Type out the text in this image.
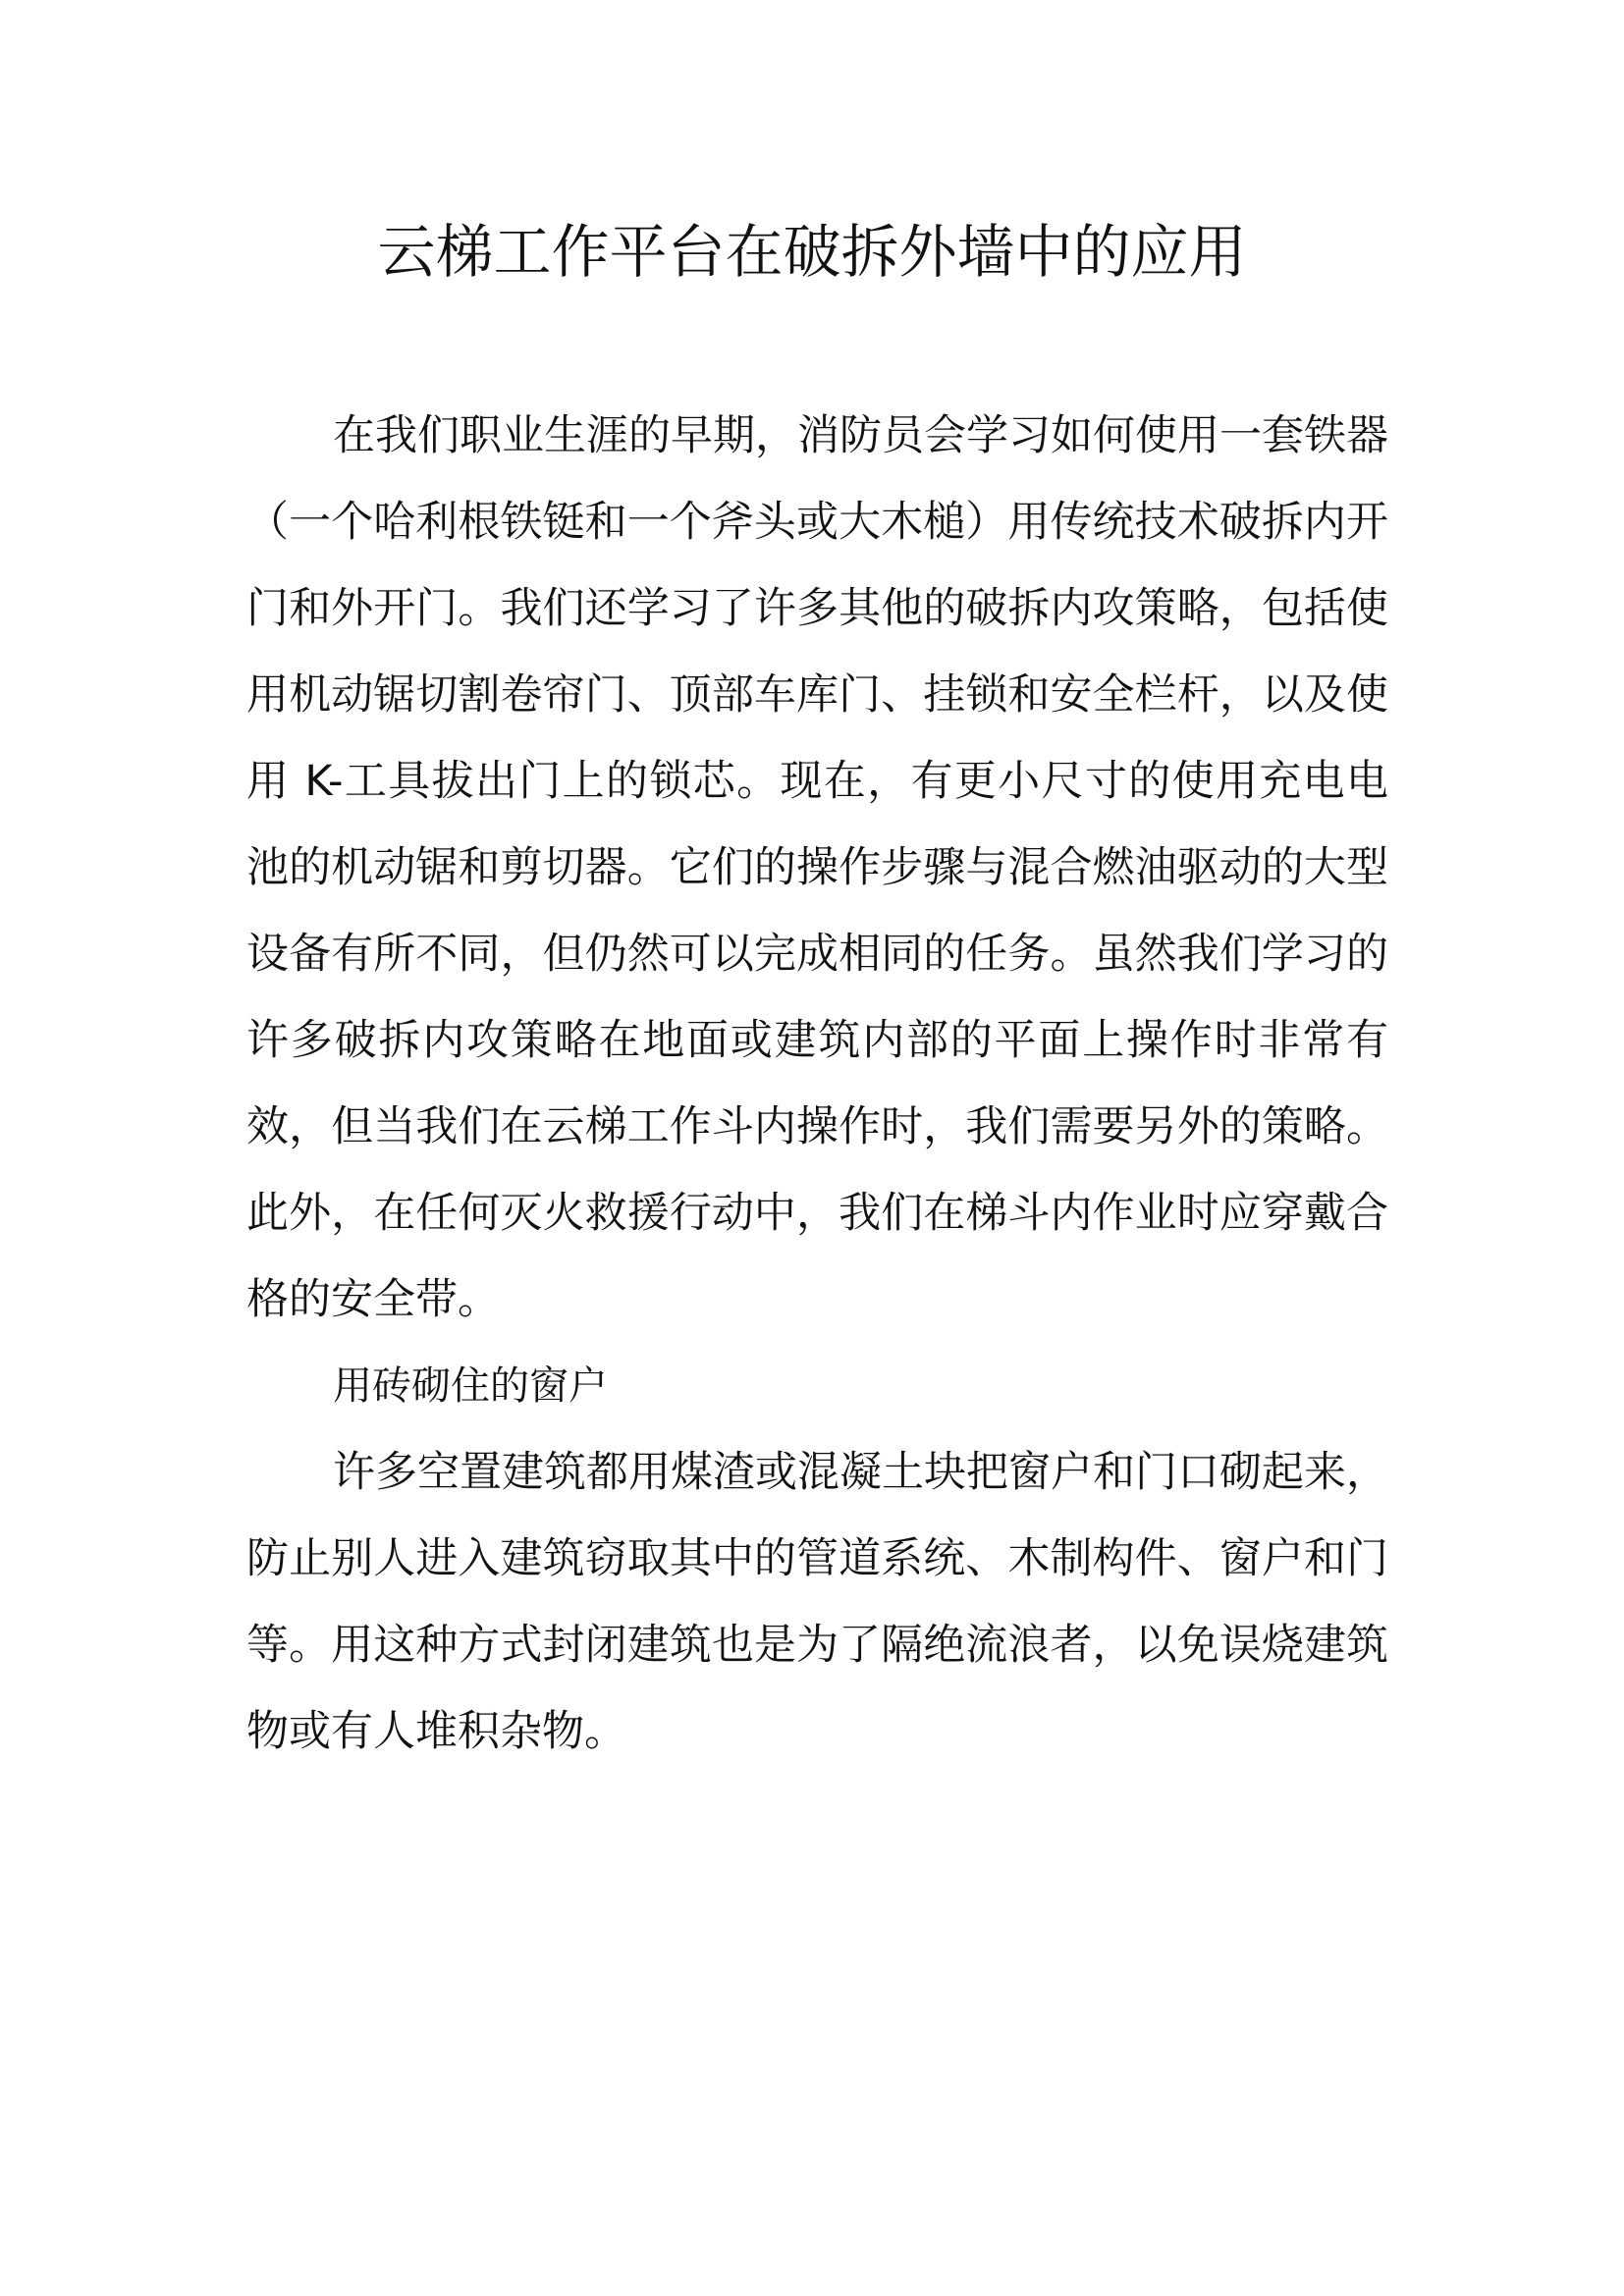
云梯工作平台在破拆外墙中的应用

在我们职业生涯的早期，消防员会学习如何使用一套铁器（一个哈利根铁铤和一个斧头或大木槌）用传统技术破拆内开门和外开门。我们还学习了许多其他的破拆内攻策略，包括使用机动锯切割卷帘门、顶部车库门、挂锁和安全栏杆，以及使用 K-工具拔出门上的锁芯。现在，有更小尺寸的使用充电电池的机动锯和剪切器。它们的操作步骤与混合燃油驱动的大型设备有所不同，但仍然可以完成相同的任务。虽然我们学习的许多破拆内攻策略在地面或建筑内部的平面上操作时非常有效，但当我们在云梯工作斗内操作时，我们需要另外的策略。此外，在任何灭火救援行动中，我们在梯斗内作业时应穿戴合格的安全带。

用砖砌住的窗户

许多空置建筑都用煤渣或混凝土块把窗户和门口砌起来，防止别人进入建筑窃取其中的管道系统、木制构件、窗户和门等。用这种方式封闭建筑也是为了隔绝流浪者，以免误烧建筑物或有人堆积杂物。
